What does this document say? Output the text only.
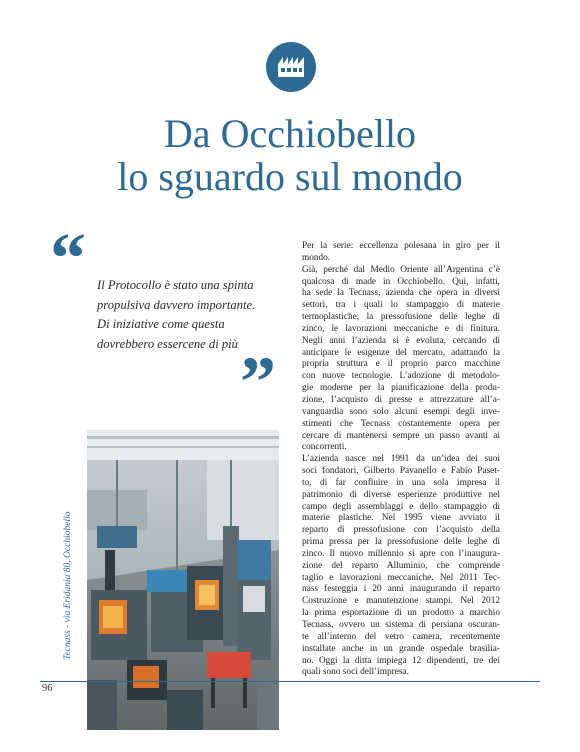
Da Occhiobello
lo sguardo sul mondo
“ Il Protocollo è stato una spinta
propulsiva davvero importante.
Di iniziative come questa
dovrebbero essercene di più ”
Tecnass - via Eridania 80, Occhiobello
Per la serie: eccellenza polesana in giro per il
mondo.
Già, perché dal Medio Oriente all’Argentina c’è
qualcosa di made in Occhiobello. Qui, infatti,
ha sede la Tecnass, azienda che opera in diversi
settori, tra i quali lo stampaggio di materie
termoplastiche, la pressofusione delle leghe di
zinco, le lavorazioni meccaniche e di finitura.
Negli anni l’azienda si è evoluta, cercando di
anticipare le esigenze del mercato, adattando la
propria struttura e il proprio parco macchine
con nuove tecnologie. L’adozione di metodolo-
gie moderne per la pianificazione della produ-
zione, l’acquisto di presse e attrezzature all’a-
vanguardia sono solo alcuni esempi degli inve-
stimenti che Tecnass costantemente opera per
cercare di mantenersi sempre un passo avanti ai
concorrenti.
L’azienda nasce nel 1991 da un’idea dei suoi
soci fondatori, Gilberto Pavanello e Fabio Paset-
to, di far confluire in una sola impresa il
patrimonio di diverse esperienze produttive nel
campo degli assemblaggi e dello stampaggio di
materie plastiche. Nel 1995 viene avviato il
reparto di pressofusione con l’acquisto della
prima pressa per la pressofusione delle leghe di
zinco. Il nuovo millennio si apre con l’inaugura-
zione del reparto Alluminio, che comprende
taglio e lavorazioni meccaniche. Nel 2011 Tec-
nass festeggia i 20 anni inaugurando il reparto
Costruzione e manutenzione stampi. Nel 2012
la prima esportazione di un prodotto a marchio
Tecnass, ovvero un sistema di persiana oscuran-
te all’interno del vetro camera, recentemente
installate anche in un grande ospedale brasilia-
no. Oggi la ditta impiega 12 dipendenti, tre dei
quali sono soci dell’impresa.
96
